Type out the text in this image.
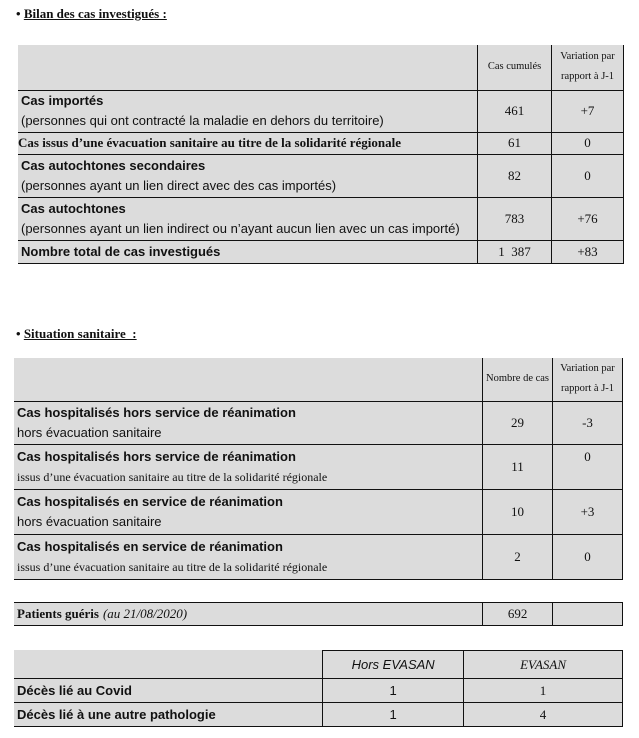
• Bilan des cas investigués :
	Cas cumulés	Variation par rapport à J-1

Cas importés
(personnes qui ont contracté la maladie en dehors du territoire)	461	+7

Cas issus d’une évacuation sanitaire au titre de la solidarité régionale	61	0

Cas autochtones secondaires
(personnes ayant un lien direct avec des cas importés)	82	0

Cas autochtones
(personnes ayant un lien indirect ou n’ayant aucun lien avec un cas importé)	783	+76

Nombre total de cas investigués	1  387	+83
• Situation sanitaire  :
	Nombre de cas	Variation par rapport à J-1

Cas hospitalisés hors service de réanimation
hors évacuation sanitaire	29	-3

Cas hospitalisés hors service de réanimation
issus d’une évacuation sanitaire au titre de la solidarité régionale	11	0

Cas hospitalisés en service de réanimation
hors évacuation sanitaire	10	+3

Cas hospitalisés en service de réanimation
issus d’une évacuation sanitaire au titre de la solidarité régionale	2	0
Patients guéris (au 21/08/2020)	692	
	Hors EVASAN	EVASAN
Décès lié au Covid	1	1
Décès lié à une autre pathologie	1	4
